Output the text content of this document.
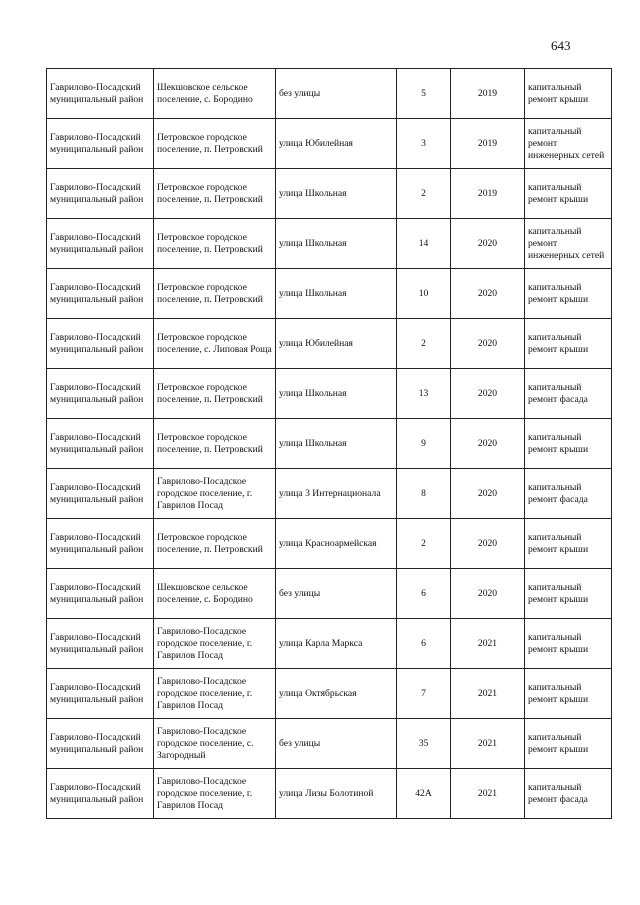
643
Гаврилово-Посадский муниципальный район	Шекшовское сельское поселение, с. Бородино	без улицы	5	2019	капитальный ремонт крыши
Гаврилово-Посадский муниципальный район	Петровское городское поселение, п. Петровский	улица Юбилейная	3	2019	капитальный ремонт инженерных сетей
Гаврилово-Посадский муниципальный район	Петровское городское поселение, п. Петровский	улица Школьная	2	2019	капитальный ремонт крыши
Гаврилово-Посадский муниципальный район	Петровское городское поселение, п. Петровский	улица Школьная	14	2020	капитальный ремонт инженерных сетей
Гаврилово-Посадский муниципальный район	Петровское городское поселение, п. Петровский	улица Школьная	10	2020	капитальный ремонт крыши
Гаврилово-Посадский муниципальный район	Петровское городское поселение, с. Липовая Роща	улица Юбилейная	2	2020	капитальный ремонт крыши
Гаврилово-Посадский муниципальный район	Петровское городское поселение, п. Петровский	улица Школьная	13	2020	капитальный ремонт фасада
Гаврилово-Посадский муниципальный район	Петровское городское поселение, п. Петровский	улица Школьная	9	2020	капитальный ремонт крыши
Гаврилово-Посадский муниципальный район	Гаврилово-Посадское городское поселение, г. Гаврилов Посад	улица 3 Интернационала	8	2020	капитальный ремонт фасада
Гаврилово-Посадский муниципальный район	Петровское городское поселение, п. Петровский	улица Красноармейская	2	2020	капитальный ремонт крыши
Гаврилово-Посадский муниципальный район	Шекшовское сельское поселение, с. Бородино	без улицы	6	2020	капитальный ремонт крыши
Гаврилово-Посадский муниципальный район	Гаврилово-Посадское городское поселение, г. Гаврилов Посад	улица Карла Маркса	6	2021	капитальный ремонт крыши
Гаврилово-Посадский муниципальный район	Гаврилово-Посадское городское поселение, г. Гаврилов Посад	улица Октябрьская	7	2021	капитальный ремонт крыши
Гаврилово-Посадский муниципальный район	Гаврилово-Посадское городское поселение, с. Загородный	без улицы	35	2021	капитальный ремонт крыши
Гаврилово-Посадский муниципальный район	Гаврилово-Посадское городское поселение, г. Гаврилов Посад	улица Лизы Болотиной	42А	2021	капитальный ремонт фасада
